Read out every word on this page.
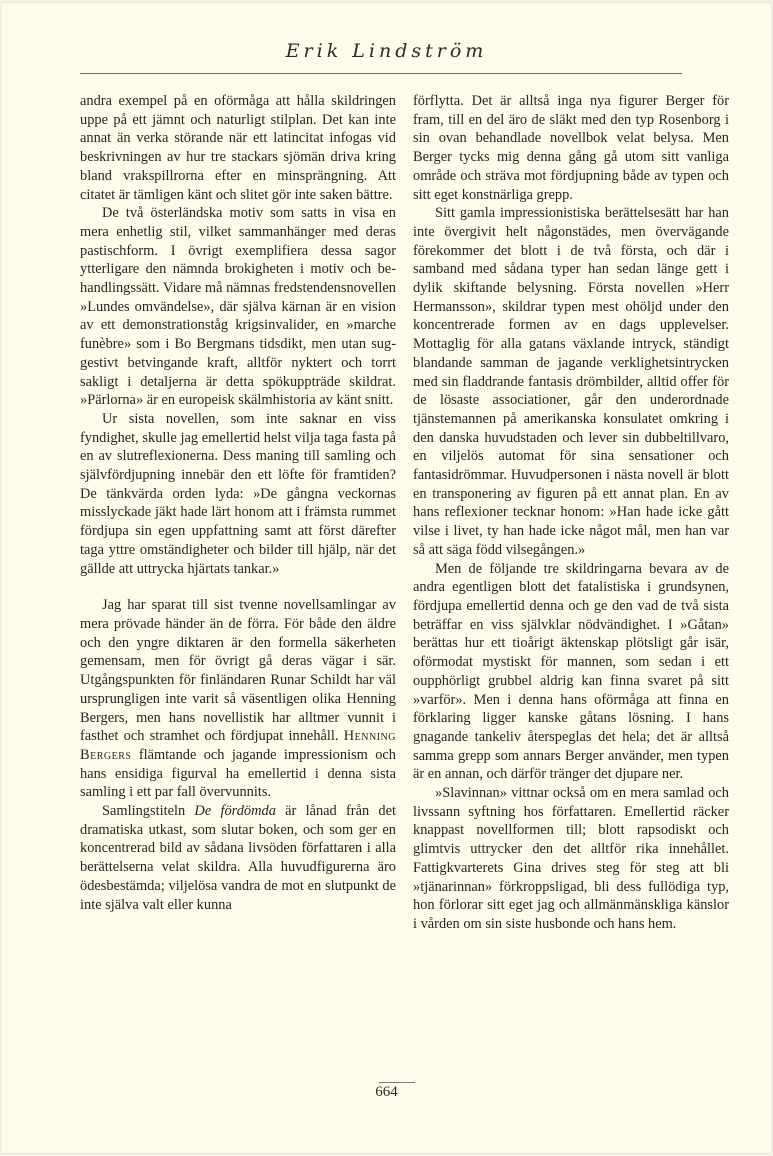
Erik Lindström

andra exempel på en oförmåga att hålla skildringen uppe på ett jämnt och naturligt stilplan. Det kan inte annat än verka störande när ett latincitat infogas vid beskrivningen av hur tre stackars sjömän driva kring bland vrakspillrorna efter en minsprängning. Att citatet är tämligen känt och slitet gör inte saken bättre.

De två österländska motiv som satts in visa en mera enhetlig stil, vilket sammanhänger med deras pastischform. I övrigt exemplifiera dessa sagor ytterligare den nämnda brokigheten i motiv och behandlingssätt. Vidare må nämnas fredstendensnovellen »Lundes omvändelse», där själva kärnan är en vision av ett demonstrationståg krigsinvalider, en »marche funèbre» som i Bo Bergmans tidsdikt, men utan suggestivt betvingande kraft, alltför nyktert och torrt sakligt i detaljerna är detta spökuppträde skildrat. »Pärlorna» är en europeisk skälmhistoria av känt snitt.

Ur sista novellen, som inte saknar en viss fyndighet, skulle jag emellertid helst vilja taga fasta på en av slutreflexionerna. Dess maning till samling och självfördjupning innebär den ett löfte för framtiden? De tänkvärda orden lyda: »De gångna veckornas misslyckade jäkt hade lärt honom att i främsta rummet fördjupa sin egen uppfattning samt att först därefter taga yttre omständigheter och bilder till hjälp, när det gällde att uttrycka hjärtats tankar.»

Jag har sparat till sist tvenne novellsamlingar av mera prövade händer än de förra. För både den äldre och den yngre diktaren är den formella säkerheten gemensam, men för övrigt gå deras vägar i sär. Utgångspunkten för finländaren Runar Schildt har väl ursprungligen inte varit så väsentligen olika Henning Bergers, men hans novellistik har alltmer vunnit i fasthet och stramhet och fördjupat innehåll. Henning Bergers flämtande och jagande impressionism och hans ensidiga figurval ha emellertid i denna sista samling i ett par fall övervunnits.

Samlingstiteln De fördömda är lånad från det dramatiska utkast, som slutar boken, och som ger en koncentrerad bild av sådana livsöden författaren i alla berättelserna velat skildra. Alla huvudfigurerna äro ödesbestämda; viljelösa vandra de mot en slutpunkt de inte själva valt eller kunna

förflytta. Det är alltså inga nya figurer Berger för fram, till en del äro de släkt med den typ Rosenborg i sin ovan behandlade novellbok velat belysa. Men Berger tycks mig denna gång gå utom sitt vanliga område och sträva mot fördjupning både av typen och sitt eget konstnärliga grepp.

Sitt gamla impressionistiska berättelsesätt har han inte övergivit helt någonstädes, men övervägande förekommer det blott i de två första, och där i samband med sådana typer han sedan länge gett i dylik skiftande belysning. Första novellen »Herr Hermansson», skildrar typen mest ohöljd under den koncentrerade formen av en dags upplevelser. Mottaglig för alla gatans växlande intryck, ständigt blandande samman de jagande verklighetsintrycken med sin fladdrande fantasis drömbilder, alltid offer för de lösaste associationer, går den underordnade tjänstemannen på amerikanska konsulatet omkring i den danska huvudstaden och lever sin dubbeltillvaro, en viljelös automat för sina sensationer och fantasidrömmar. Huvudpersonen i nästa novell är blott en transponering av figuren på ett annat plan. En av hans reflexioner tecknar honom: »Han hade icke gått vilse i livet, ty han hade icke något mål, men han var så att säga född vilsegången.»

Men de följande tre skildringarna bevara av de andra egentligen blott det fatalistiska i grundsynen, fördjupa emellertid denna och ge den vad de två sista beträffar en viss självklar nödvändighet. I »Gåtan» berättas hur ett tioårigt äktenskap plötsligt går isär, oförmodat mystiskt för mannen, som sedan i ett oupphörligt grubbel aldrig kan finna svaret på sitt »varför». Men i denna hans oförmåga att finna en förklaring ligger kanske gåtans lösning. I hans gnagande tankeliv återspeglas det hela; det är alltså samma grepp som annars Berger använder, men typen är en annan, och därför tränger det djupare ner.

»Slavinnan» vittnar också om en mera samlad och livssann syftning hos författaren. Emellertid räcker knappast novellformen till; blott rapsodiskt och glimtvis uttrycker den det alltför rika innehållet. Fattigkvarterets Gina drives steg för steg att bli »tjänarinnan» förkroppsligad, bli dess fullödiga typ, hon förlorar sitt eget jag och allmänmänskliga känslor i vården om sin siste husbonde och hans hem.

664
